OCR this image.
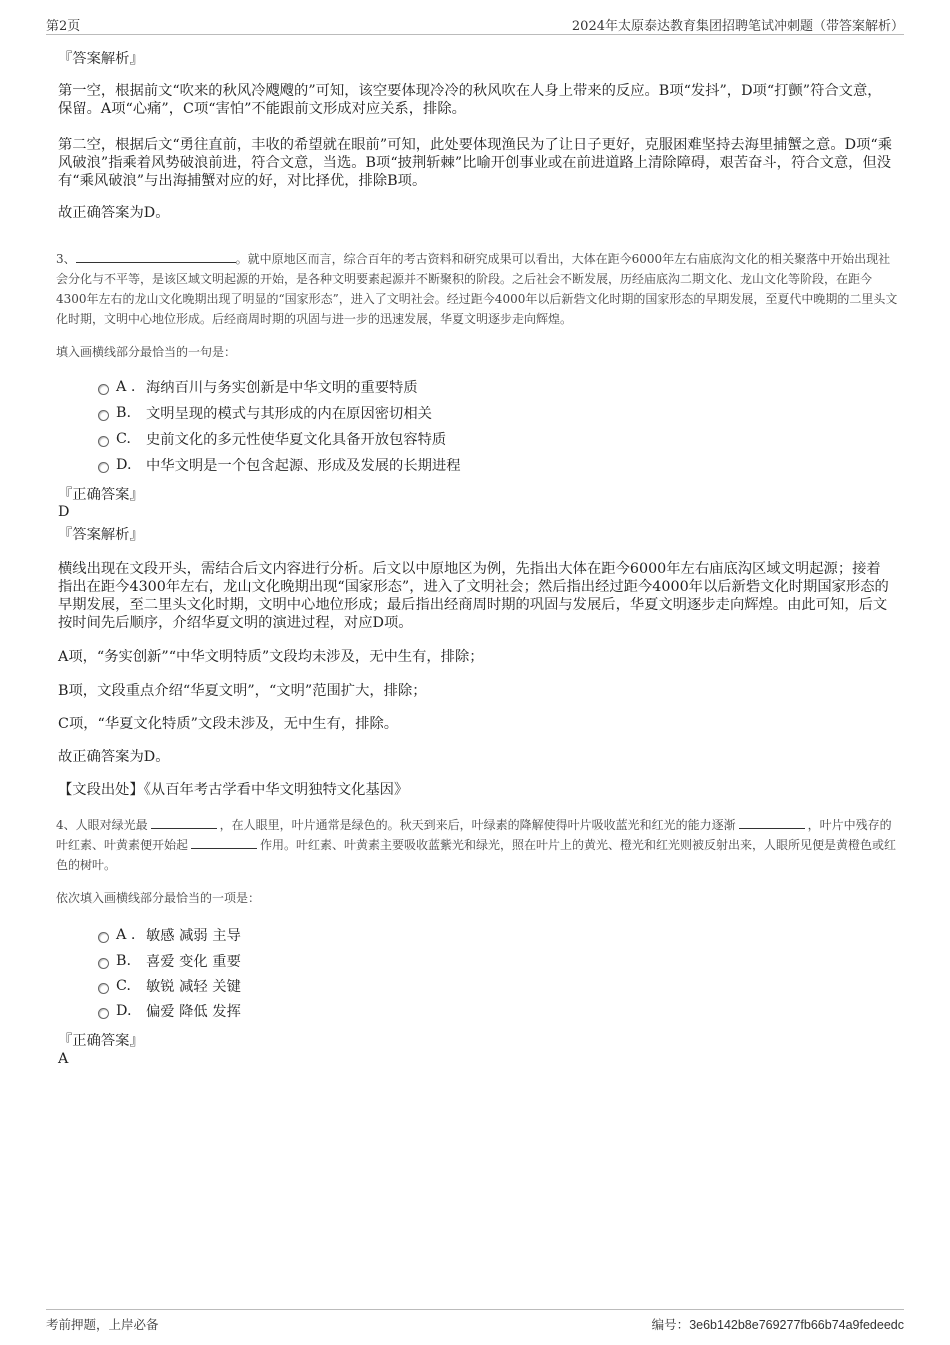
第2页	2024年太原泰达教育集团招聘笔试冲刺题（带答案解析）
『答案解析』
第一空，根据前文“吹来的秋风冷飕飕的”可知，该空要体现冷冷的秋风吹在人身上带来的反应。B项“发抖”，D项“打颤”符合文意，保留。A项“心痛”，C项“害怕”不能跟前文形成对应关系，排除。
第二空，根据后文“勇往直前，丰收的希望就在眼前”可知，此处要体现渔民为了让日子更好，克服困难坚持去海里捕蟹之意。D项“乘风破浪”指乘着风势破浪前进，符合文意，当选。B项“披荆斩棘”比喻开创事业或在前进道路上清除障碍，艰苦奋斗，符合文意，但没有“乘风破浪”与出海捕蟹对应的好，对比择优，排除B项。
故正确答案为D。
3、	。就中原地区而言，综合百年的考古资料和研究成果可以看出，大体在距今6000年左右庙底沟文化的相关聚落中开始出现社会分化与不平等，是该区域文明起源的开始，是各种文明要素起源并不断聚积的阶段。之后社会不断发展，历经庙底沟二期文化、龙山文化等阶段，在距今4300年左右的龙山文化晚期出现了明显的“国家形态”，进入了文明社会。经过距今4000年以后新砦文化时期的国家形态的早期发展，至夏代中晚期的二里头文化时期，文明中心地位形成。后经商周时期的巩固与进一步的迅速发展，华夏文明逐步走向辉煌。
填入画横线部分最恰当的一句是：
A . 海纳百川与务实创新是中华文明的重要特质
B.	文明呈现的模式与其形成的内在原因密切相关
C.	史前文化的多元性使华夏文化具备开放包容特质
D.	中华文明是一个包含起源、形成及发展的长期进程
『正确答案』
D
『答案解析』
横线出现在文段开头，需结合后文内容进行分析。后文以中原地区为例，先指出大体在距今6000年左右庙底沟区域文明起源；接着指出在距今4300年左右，龙山文化晚期出现“国家形态”，进入了文明社会；然后指出经过距今4000年以后新砦文化时期国家形态的早期发展，至二里头文化时期，文明中心地位形成；最后指出经商周时期的巩固与发展后，华夏文明逐步走向辉煌。由此可知，后文按时间先后顺序，介绍华夏文明的演进过程，对应D项。
A项，“务实创新”“中华文明特质”文段均未涉及，无中生有，排除；
B项，文段重点介绍“华夏文明”，“文明”范围扩大，排除；
C项，“华夏文化特质”文段未涉及，无中生有，排除。
故正确答案为D。
【文段出处】《从百年考古学看中华文明独特文化基因》
4、人眼对绿光最	，在人眼里，叶片通常是绿色的。秋天到来后，叶绿素的降解使得叶片吸收蓝光和红光的能力逐渐	，叶片中残存的叶红素、叶黄素便开始起	作用。叶红素、叶黄素主要吸收蓝紫光和绿光，照在叶片上的黄光、橙光和红光则被反射出来，人眼所见便是黄橙色或红色的树叶。
依次填入画横线部分最恰当的一项是：
A . 敏感 减弱 主导
B.	喜爱 变化 重要
C.	敏锐 减轻 关键
D.	偏爱 降低 发挥
『正确答案』
A
考前押题，上岸必备	编号：3e6b142b8e769277fb66b74a9fedeedc
